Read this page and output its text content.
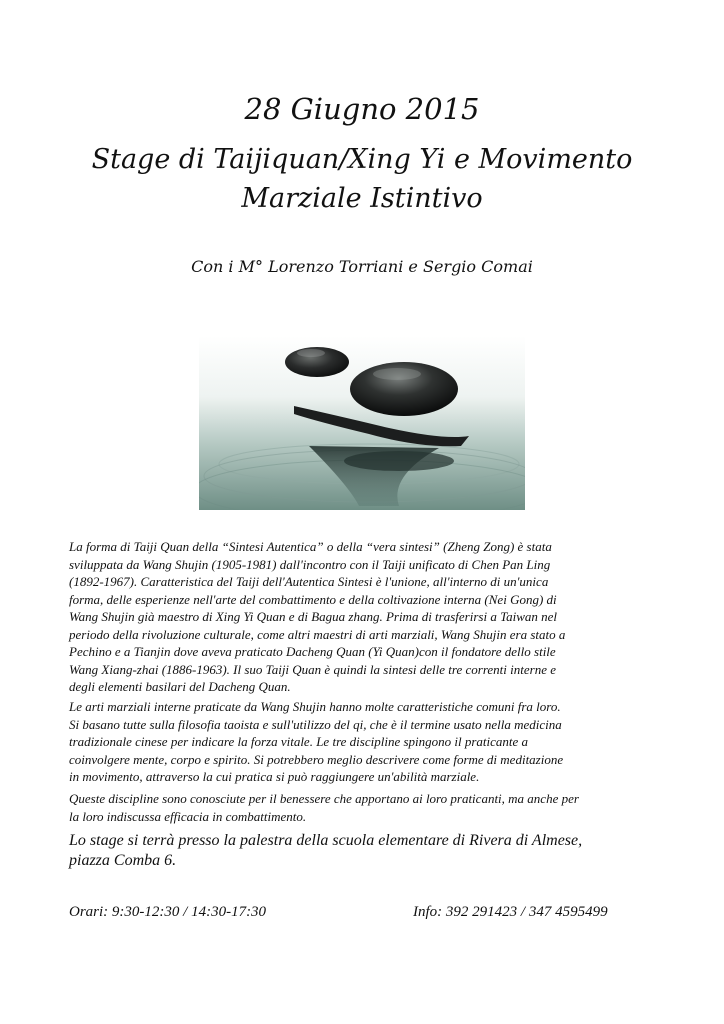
28 Giugno 2015
Stage di Taijiquan/Xing Yi e Movimento
Marziale Istintivo
Con i M° Lorenzo Torriani e Sergio Comai
La forma di Taiji Quan della “Sintesi Autentica” o della “vera sintesi” (Zheng Zong) è stata
sviluppata da Wang Shujin (1905-1981) dall'incontro con il Taiji unificato di Chen Pan Ling
(1892-1967). Caratteristica del Taiji dell'Autentica Sintesi è l'unione, all'interno di un'unica
forma, delle esperienze nell'arte del combattimento e della coltivazione interna (Nei Gong) di
Wang Shujin già maestro di Xing Yi Quan e di Bagua zhang. Prima di trasferirsi a Taiwan nel
periodo della rivoluzione culturale, come altri maestri di arti marziali, Wang Shujin era stato a
Pechino e a Tianjin dove aveva praticato Dacheng Quan (Yi Quan)con il fondatore dello stile
Wang Xiang-zhai (1886-1963). Il suo Taiji Quan è quindi la sintesi delle tre correnti interne e
degli elementi basilari del Dacheng Quan.
Le arti marziali interne praticate da Wang Shujin hanno molte caratteristiche comuni fra loro.
Si basano tutte sulla filosofia taoista e sull'utilizzo del qi, che è il termine usato nella medicina
tradizionale cinese per indicare la forza vitale. Le tre discipline spingono il praticante a
coinvolgere mente, corpo e spirito. Si potrebbero meglio descrivere come forme di meditazione
in movimento, attraverso la cui pratica si può raggiungere un'abilità marziale.
Queste discipline sono conosciute per il benessere che apportano ai loro praticanti, ma anche per
la loro indiscussa efficacia in combattimento.
Lo stage si terrà presso la palestra della scuola elementare di Rivera di Almese,
piazza Comba 6.
Orari: 9:30-12:30 / 14:30-17:30	Info: 392 291423 / 347 4595499
